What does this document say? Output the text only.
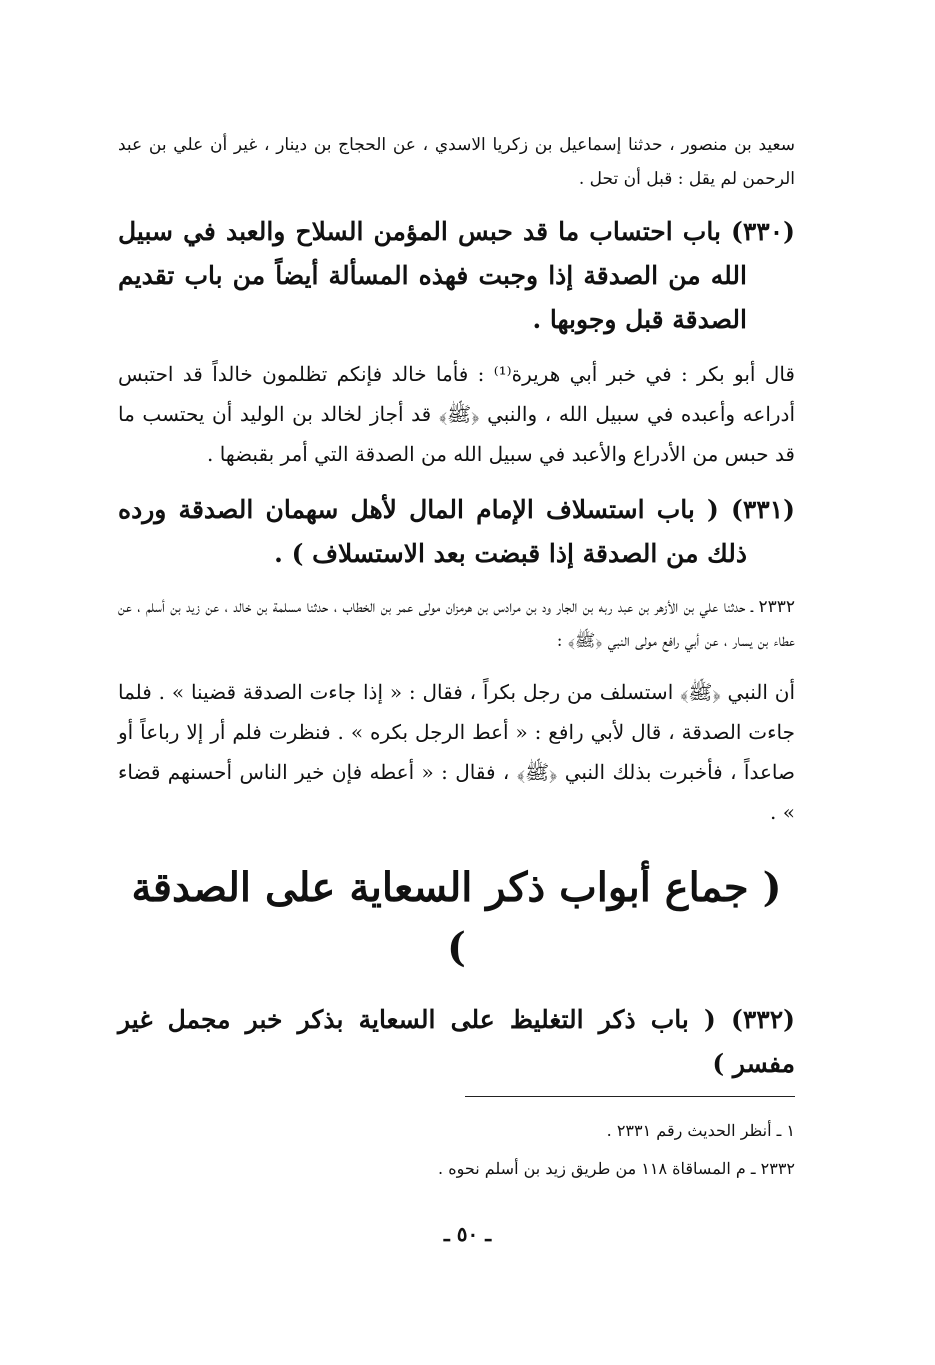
سعيد بن منصور ، حدثنا إسماعيل بن زكريا الاسدي ، عن الحجاج بن دينار ، غير أن علي بن عبد الرحمن لم يقل : قبل أن تحل .

(٣٣٠) باب احتساب ما قد حبس المؤمن السلاح والعبد في سبيل الله من الصدقة إذا وجبت فهذه المسألة أيضاً من باب تقديم الصدقة قبل وجوبها .

قال أبو بكر : في خبر أبي هريرة⁽¹⁾ : فأما خالد فإنكم تظلمون خالداً قد احتبس أدراعه وأعبده في سبيل الله ، والنبي ﴿ﷺ﴾ قد أجاز لخالد بن الوليد أن يحتسب ما قد حبس من الأدراع والأعبد في سبيل الله من الصدقة التي أمر بقبضها .

(٣٣١) ( باب استسلاف الإمام المال لأهل سهمان الصدقة ورده ذلك من الصدقة إذا قبضت بعد الاستسلاف ) .

٢٣٣٢ ـ حدثنا علي بن الأزهر بن عبد ربه بن الجار ود بن مرادس بن هرمزان مولى عمر بن الخطاب ، حدثنا مسلمة بن خالد ، عن زيد بن أسلم ، عن عطاء بن يسار ، عن أبي رافع مولى النبي ﴿ﷺ﴾ :

أن النبي ﴿ﷺ﴾ استسلف من رجل بكراً ، فقال : « إذا جاءت الصدقة قضينا » . فلما جاءت الصدقة ، قال لأبي رافع : « أعط الرجل بكره » . فنظرت فلم أر إلا رباعاً أو صاعداً ، فأخبرت بذلك النبي ﴿ﷺ﴾ ، فقال : « أعطه فإن خير الناس أحسنهم قضاء » .

( جماع أبواب ذكر السعاية على الصدقة )

(٣٣٢) ( باب ذكر التغليظ على السعاية بذكر خبر مجمل غير مفسر )

١ ـ أنظر الحديث رقم ٢٣٣١ .
٢٣٣٢ ـ م المساقاة ١١٨ من طريق زيد بن أسلم نحوه .
ـ ٥٠ ـ
